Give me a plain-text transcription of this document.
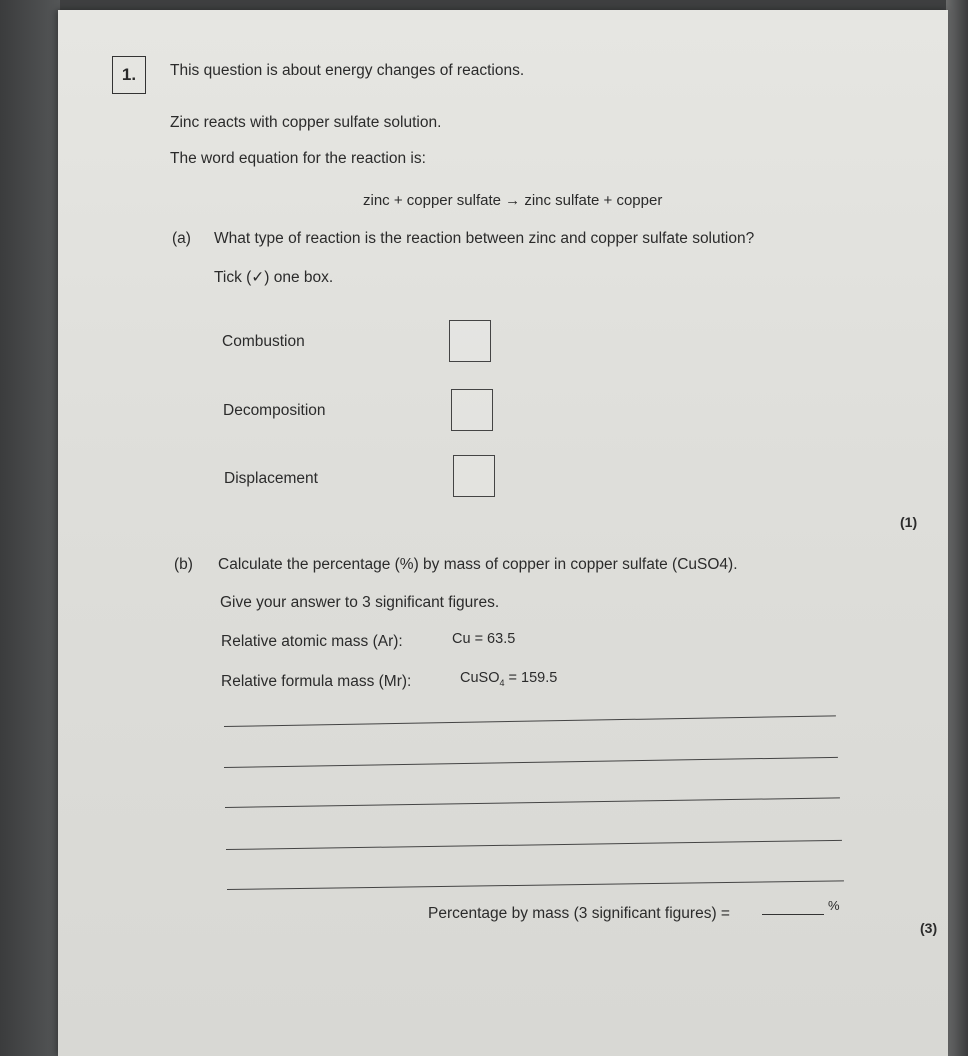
1.	This question is about energy changes of reactions.
Zinc reacts with copper sulfate solution.
The word equation for the reaction is:
zinc + copper sulfate → zinc sulfate + copper
(a) What type of reaction is the reaction between zinc and copper sulfate solution?
Tick (✓) one box.
Combustion
Decomposition
Displacement
(1)
(b) Calculate the percentage (%) by mass of copper in copper sulfate (CuSO4).
Give your answer to 3 significant figures.
Relative atomic mass (Ar):	Cu = 63.5
Relative formula mass (Mr):	CuSO$_4$ = 159.5
Percentage by mass (3 significant figures) =	%
(3)
